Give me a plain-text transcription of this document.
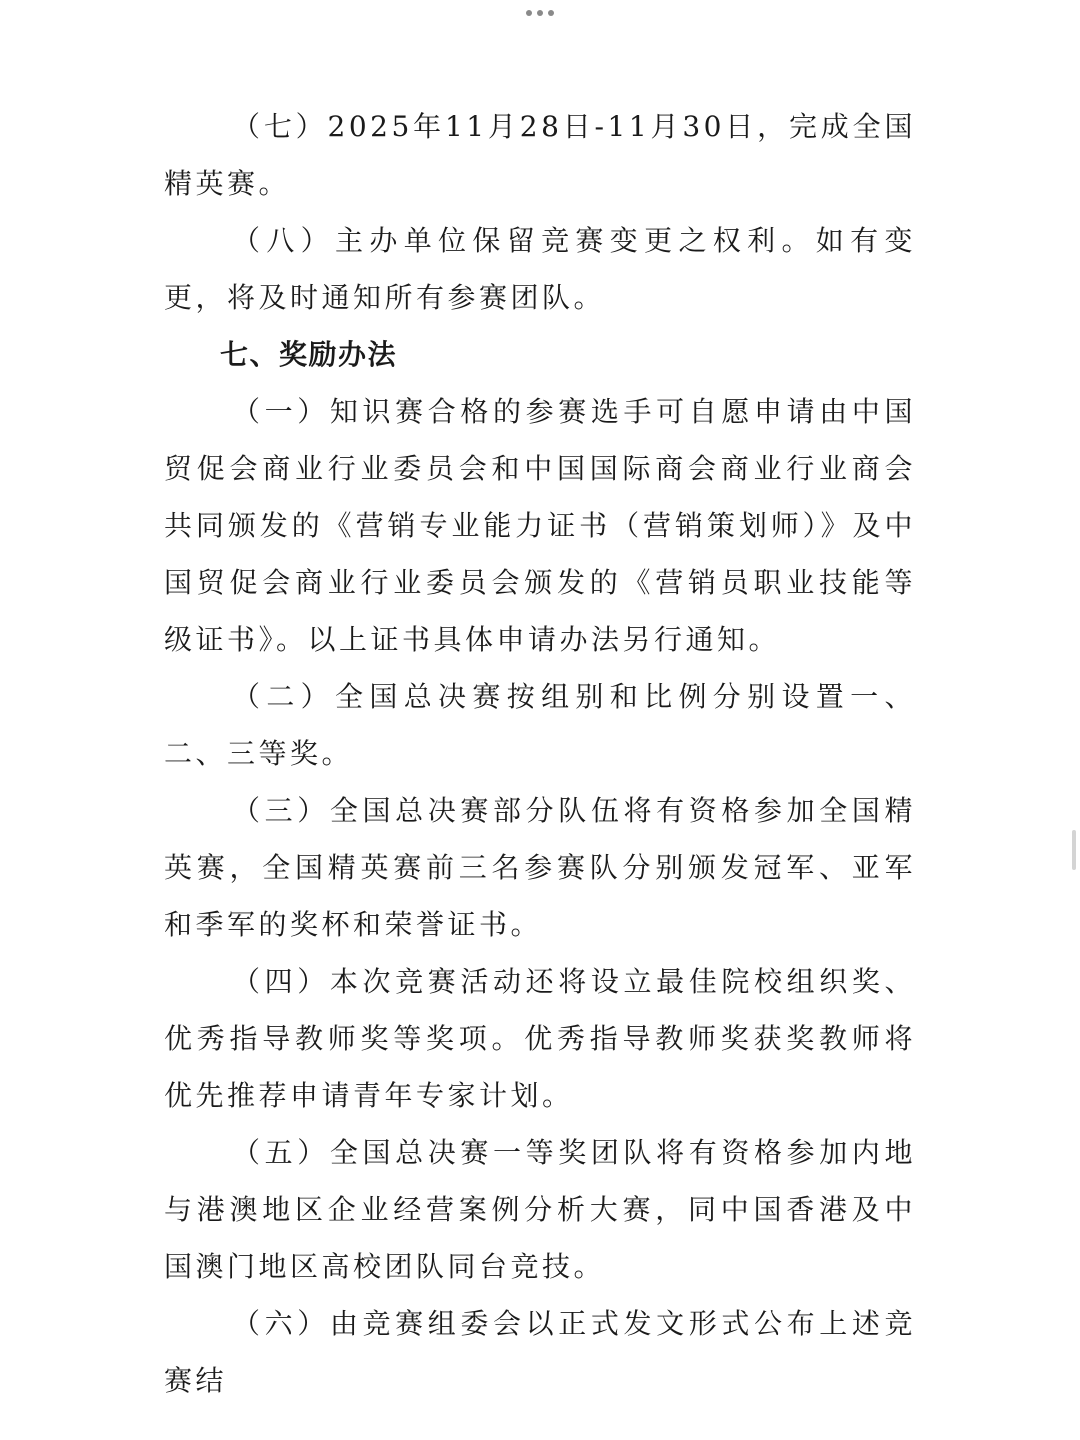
（七）2025年11月28日-11月30日，完成全国精英赛。

（八）主办单位保留竞赛变更之权利。如有变更，将及时通知所有参赛团队。

七、奖励办法

（一）知识赛合格的参赛选手可自愿申请由中国贸促会商业行业委员会和中国国际商会商业行业商会共同颁发的《营销专业能力证书（营销策划师）》及中国贸促会商业行业委员会颁发的《营销员职业技能等级证书》。以上证书具体申请办法另行通知。

（二）全国总决赛按组别和比例分别设置一、二、三等奖。

（三）全国总决赛部分队伍将有资格参加全国精英赛，全国精英赛前三名参赛队分别颁发冠军、亚军和季军的奖杯和荣誉证书。

（四）本次竞赛活动还将设立最佳院校组织奖、优秀指导教师奖等奖项。优秀指导教师奖获奖教师将优先推荐申请青年专家计划。

（五）全国总决赛一等奖团队将有资格参加内地与港澳地区企业经营案例分析大赛，同中国香港及中国澳门地区高校团队同台竞技。

（六）由竞赛组委会以正式发文形式公布上述竞赛结
